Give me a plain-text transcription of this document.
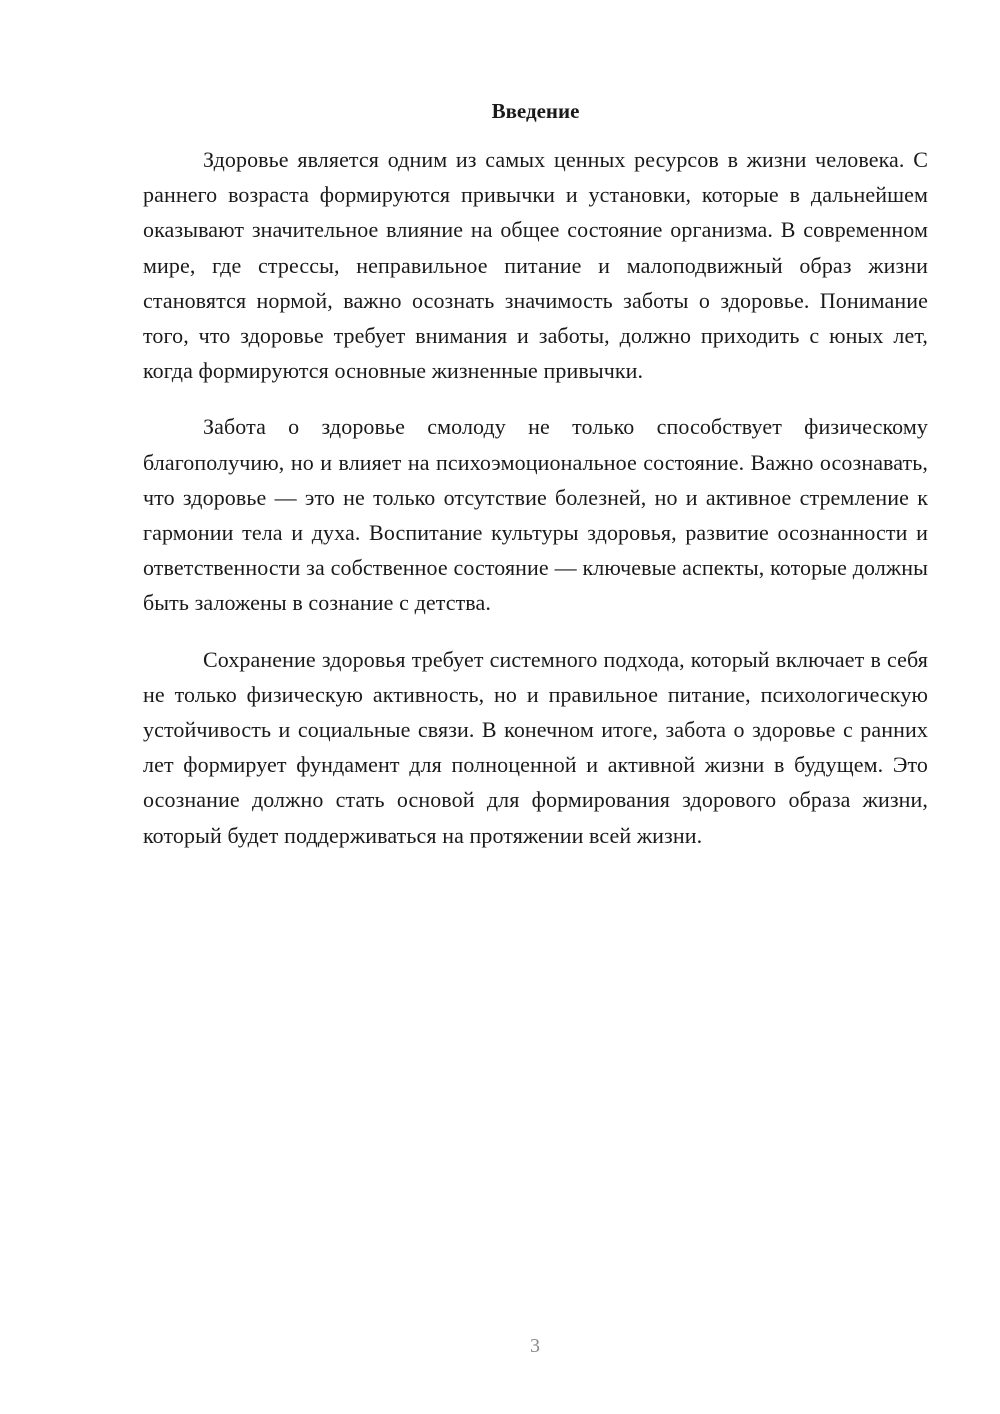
Введение

Здоровье является одним из самых ценных ресурсов в жизни человека. С раннего возраста формируются привычки и установки, которые в дальнейшем оказывают значительное влияние на общее состояние организма. В современном мире, где стрессы, неправильное питание и малоподвижный образ жизни становятся нормой, важно осознать значимость заботы о здоровье. Понимание того, что здоровье требует внимания и заботы, должно приходить с юных лет, когда формируются основные жизненные привычки.

Забота о здоровье смолоду не только способствует физическому благополучию, но и влияет на психоэмоциональное состояние. Важно осознавать, что здоровье — это не только отсутствие болезней, но и активное стремление к гармонии тела и духа. Воспитание культуры здоровья, развитие осознанности и ответственности за собственное состояние — ключевые аспекты, которые должны быть заложены в сознание с детства.

Сохранение здоровья требует системного подхода, который включает в себя не только физическую активность, но и правильное питание, психологическую устойчивость и социальные связи. В конечном итоге, забота о здоровье с ранних лет формирует фундамент для полноценной и активной жизни в будущем. Это осознание должно стать основой для формирования здорового образа жизни, который будет поддерживаться на протяжении всей жизни.

3
